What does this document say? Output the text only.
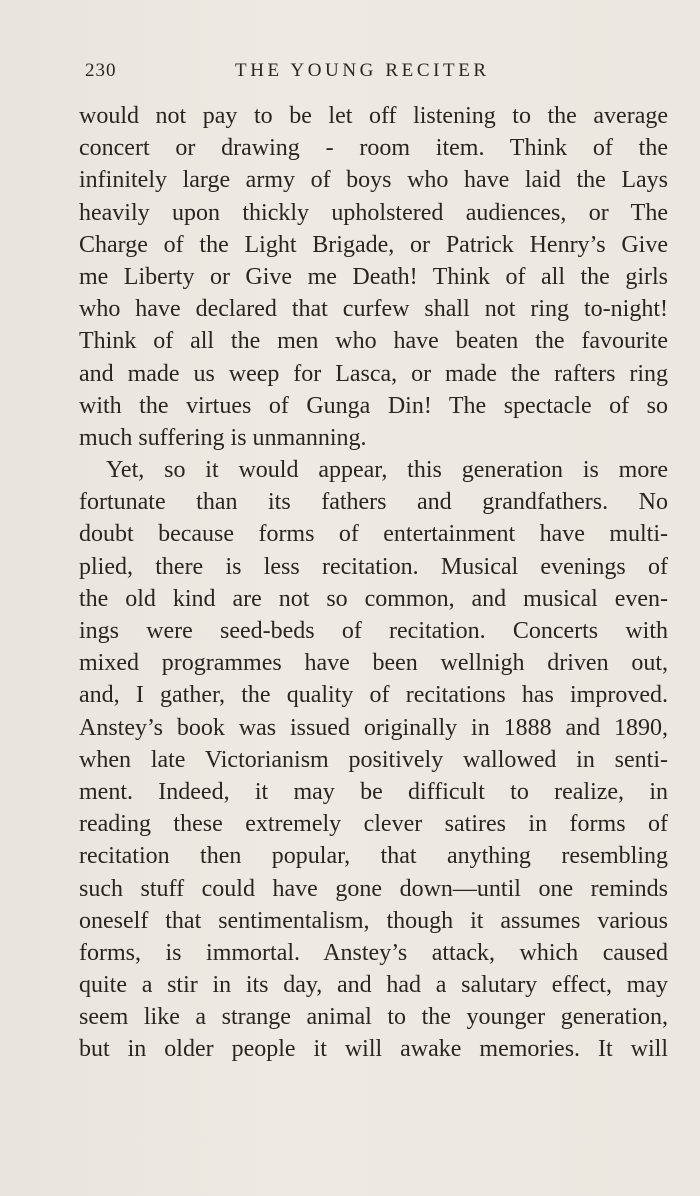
230	THE YOUNG RECITER
would not pay to be let off listening to the average
concert or drawing - room item. Think of the
infinitely large army of boys who have laid the Lays
heavily upon thickly upholstered audiences, or The
Charge of the Light Brigade, or Patrick Henry’s Give
me Liberty or Give me Death! Think of all the girls
who have declared that curfew shall not ring to-night!
Think of all the men who have beaten the favourite
and made us weep for Lasca, or made the rafters ring
with the virtues of Gunga Din! The spectacle of so
much suffering is unmanning.
Yet, so it would appear, this generation is more
fortunate than its fathers and grandfathers. No
doubt because forms of entertainment have multi-
plied, there is less recitation. Musical evenings of
the old kind are not so common, and musical even-
ings were seed-beds of recitation. Concerts with
mixed programmes have been wellnigh driven out,
and, I gather, the quality of recitations has improved.
Anstey’s book was issued originally in 1888 and 1890,
when late Victorianism positively wallowed in senti-
ment. Indeed, it may be difficult to realize, in
reading these extremely clever satires in forms of
recitation then popular, that anything resembling
such stuff could have gone down—until one reminds
oneself that sentimentalism, though it assumes various
forms, is immortal. Anstey’s attack, which caused
quite a stir in its day, and had a salutary effect, may
seem like a strange animal to the younger generation,
but in older people it will awake memories. It will
